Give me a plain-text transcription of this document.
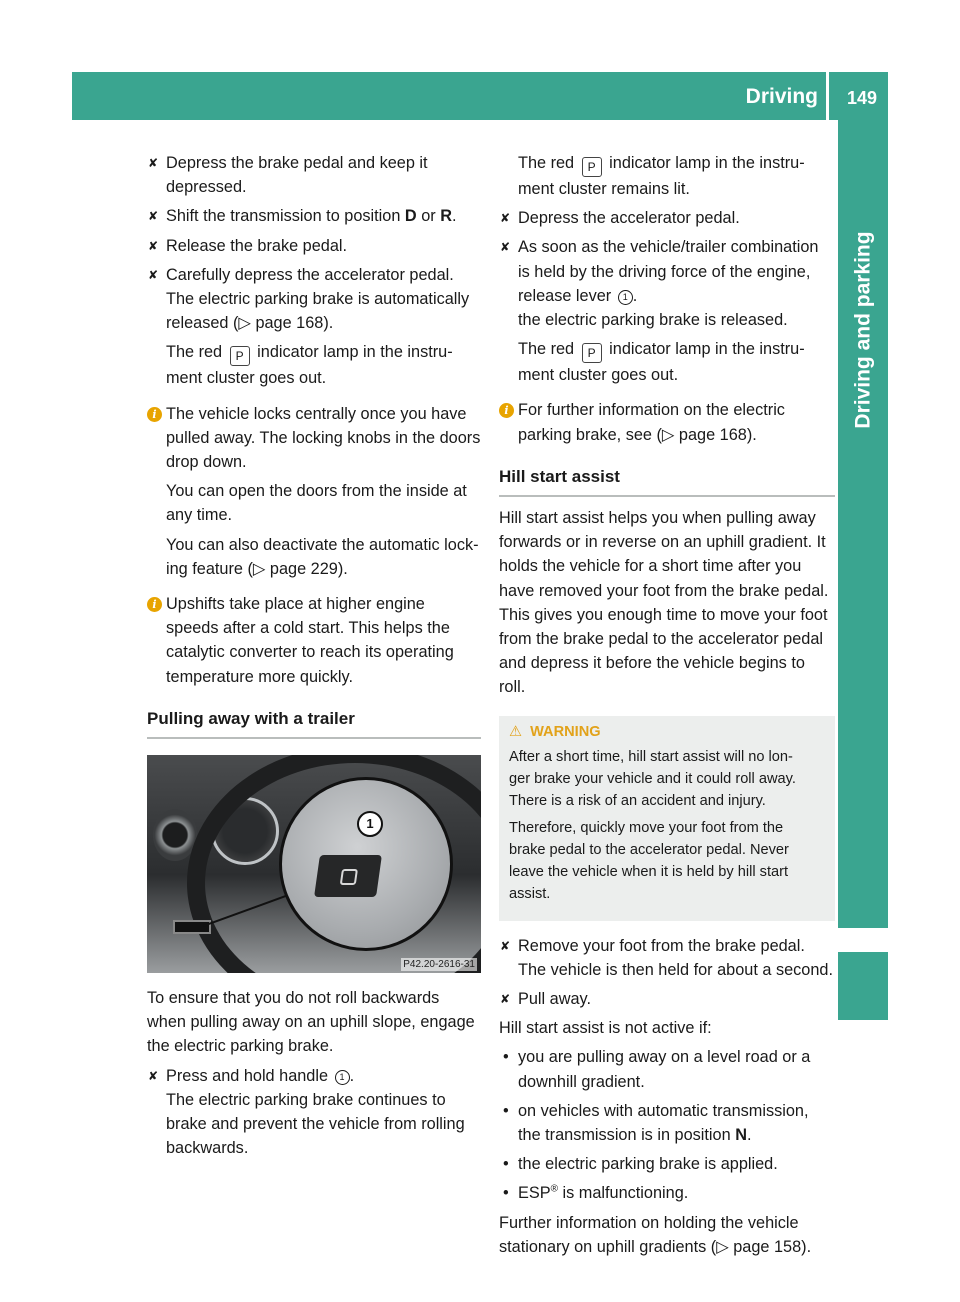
Driving	149
Driving and parking
✘ Depress the brake pedal and keep it
depressed.
✘ Shift the transmission to position D or R.
✘ Release the brake pedal.
✘ Carefully depress the accelerator pedal.
The electric parking brake is automatically
released (▷ page 168).
The red P indicator lamp in the instru-
ment cluster goes out.
i The vehicle locks centrally once you have
pulled away. The locking knobs in the doors
drop down.
You can open the doors from the inside at
any time.
You can also deactivate the automatic lock-
ing feature (▷ page 229).
i Upshifts take place at higher engine
speeds after a cold start. This helps the
catalytic converter to reach its operating
temperature more quickly.
Pulling away with a trailer
1
P42.20-2616-31
To ensure that you do not roll backwards
when pulling away on an uphill slope, engage
the electric parking brake.
✘ Press and hold handle 1 .
The electric parking brake continues to
brake and prevent the vehicle from rolling
backwards.
The red P indicator lamp in the instru-
ment cluster remains lit.
✘ Depress the accelerator pedal.
✘ As soon as the vehicle/trailer combination
is held by the driving force of the engine,
release lever 1 .
the electric parking brake is released.
The red P indicator lamp in the instru-
ment cluster goes out.
i For further information on the electric
parking brake, see (▷ page 168).
Hill start assist
Hill start assist helps you when pulling away
forwards or in reverse on an uphill gradient. It
holds the vehicle for a short time after you
have removed your foot from the brake pedal.
This gives you enough time to move your foot
from the brake pedal to the accelerator pedal
and depress it before the vehicle begins to
roll.
⚠ WARNING

After a short time, hill start assist will no lon-
ger brake your vehicle and it could roll away.
There is a risk of an accident and injury.

Therefore, quickly move your foot from the
brake pedal to the accelerator pedal. Never
leave the vehicle when it is held by hill start
assist.

✘ Remove your foot from the brake pedal.
The vehicle is then held for about a second.
✘ Pull away.
Hill start assist is not active if:
• you are pulling away on a level road or a
downhill gradient.
• on vehicles with automatic transmission,
the transmission is in position N.
• the electric parking brake is applied.
• ESP® is malfunctioning.
Further information on holding the vehicle
stationary on uphill gradients (▷ page 158).
